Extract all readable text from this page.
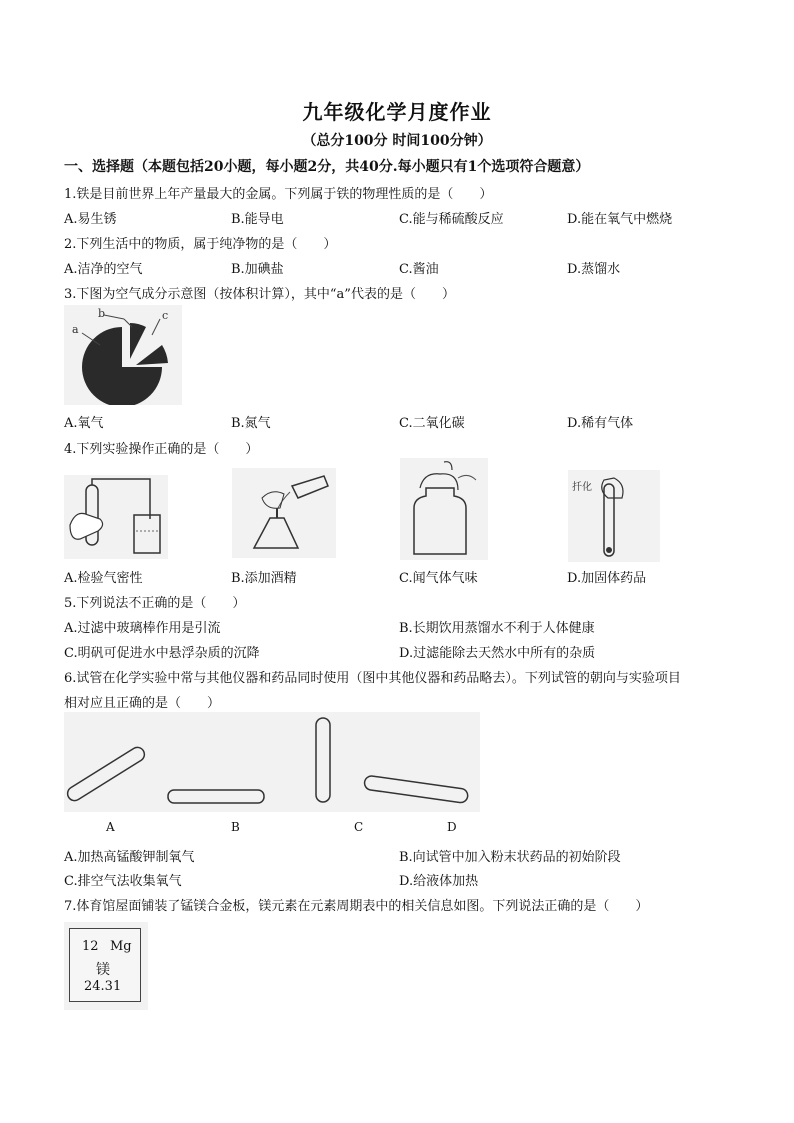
九年级化学月度作业
（总分100分 时间100分钟）
一、选择题（本题包括20小题，每小题2分，共40分.每小题只有1个选项符合题意）
1.铁是目前世界上年产量最大的金属。下列属于铁的物理性质的是（　　）
A.易生锈	B.能导电	C.能与稀硫酸反应	D.能在氧气中燃烧
2.下列生活中的物质，属于纯净物的是（　　）
A.洁净的空气	B.加碘盐	C.酱油	D.蒸馏水
3.下图为空气成分示意图（按体积计算），其中“a”代表的是（　　）
a
b	c
A.氧气	B.氮气	C.二氧化碳	D.稀有气体
4.下列实验操作正确的是（　　）
扦化
A.检验气密性	B.添加酒精	C.闻气体气味	D.加固体药品
5.下列说法不正确的是（　　）
A.过滤中玻璃棒作用是引流	B.长期饮用蒸馏水不利于人体健康
C.明矾可促进水中悬浮杂质的沉降	D.过滤能除去天然水中所有的杂质
6.试管在化学实验中常与其他仪器和药品同时使用（图中其他仪器和药品略去）。下列试管的朝向与实验项目
相对应且正确的是（　　）
A	B	C	D
A.加热高锰酸钾制氧气	B.向试管中加入粉末状药品的初始阶段
C.排空气法收集氧气	D.给液体加热
7.体育馆屋面铺装了锰镁合金板，镁元素在元素周期表中的相关信息如图。下列说法正确的是（　　）
12 Mg
镁
24.31
